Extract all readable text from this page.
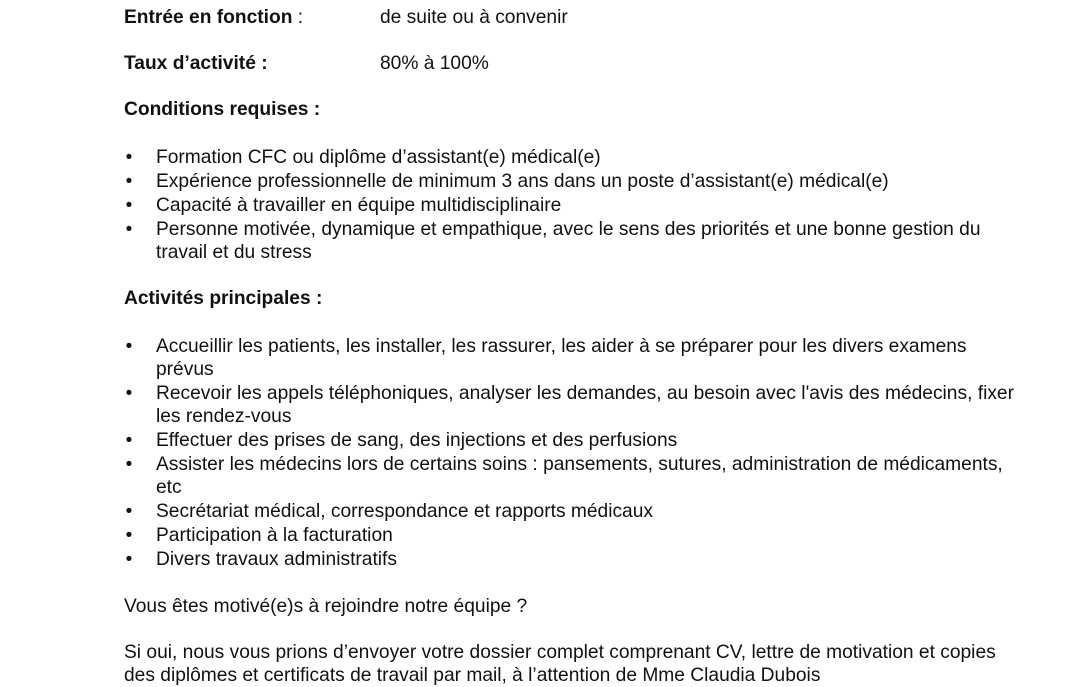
Entrée en fonction :	de suite ou à convenir
Taux d’activité :	80% à 100%
Conditions requises :
• Formation CFC ou diplôme d’assistant(e) médical(e)
• Expérience professionnelle de minimum 3 ans dans un poste d’assistant(e) médical(e)
• Capacité à travailler en équipe multidisciplinaire
• Personne motivée, dynamique et empathique, avec le sens des priorités et une bonne gestion du travail et du stress
Activités principales :
• Accueillir les patients, les installer, les rassurer, les aider à se préparer pour les divers examens prévus
• Recevoir les appels téléphoniques, analyser les demandes, au besoin avec l'avis des médecins, fixer les rendez-vous
• Effectuer des prises de sang, des injections et des perfusions
• Assister les médecins lors de certains soins : pansements, sutures, administration de médicaments, etc
• Secrétariat médical, correspondance et rapports médicaux
• Participation à la facturation
• Divers travaux administratifs

Vous êtes motivé(e)s à rejoindre notre équipe ?

Si oui, nous vous prions d’envoyer votre dossier complet comprenant CV, lettre de motivation et copies des diplômes et certificats de travail par mail, à l’attention de Mme Claudia Dubois
